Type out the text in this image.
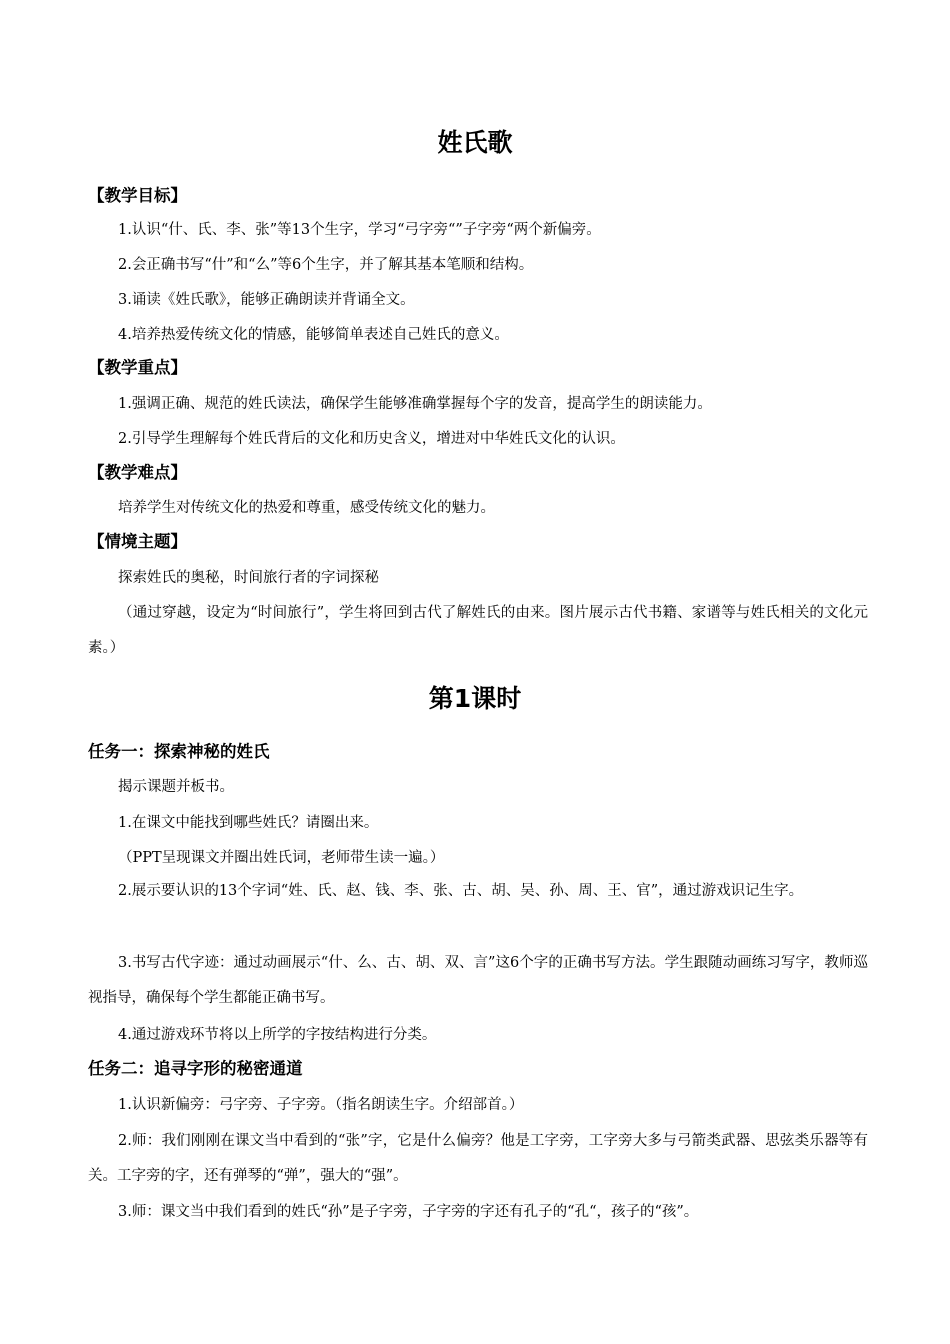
姓氏歌
【教学目标】

1.认识“什、氏、李、张”等13个生字，学习“弓字旁“”子字旁“两个新偏旁。

2.会正确书写“什”和“么”等6个生字，并了解其基本笔顺和结构。

3.诵读《姓氏歌》，能够正确朗读并背诵全文。

4.培养热爱传统文化的情感，能够简单表述自己姓氏的意义。

【教学重点】

1.强调正确、规范的姓氏读法，确保学生能够准确掌握每个字的发音，提高学生的朗读能力。

2.引导学生理解每个姓氏背后的文化和历史含义，增进对中华姓氏文化的认识。

【教学难点】

培养学生对传统文化的热爱和尊重，感受传统文化的魅力。

【情境主题】

探索姓氏的奥秘，时间旅行者的字词探秘

（通过穿越，设定为“时间旅行”，学生将回到古代了解姓氏的由来。图片展示古代书籍、家谱等与姓氏相关的文化元素。）

第1课时
任务一：探索神秘的姓氏

揭示课题并板书。

1.在课文中能找到哪些姓氏？请圈出来。

（PPT呈现课文并圈出姓氏词，老师带生读一遍。）

2.展示要认识的13个字词“姓、氏、赵、钱、李、张、古、胡、吴、孙、周、王、官”，通过游戏识记生字。

3.书写古代字迹：通过动画展示“什、么、古、胡、双、言”这6个字的正确书写方法。学生跟随动画练习写字，教师巡视指导，确保每个学生都能正确书写。

4.通过游戏环节将以上所学的字按结构进行分类。

任务二：追寻字形的秘密通道

1.认识新偏旁：弓字旁、子字旁。（指名朗读生字。介绍部首。）

2.师：我们刚刚在课文当中看到的“张”字，它是什么偏旁？他是工字旁，工字旁大多与弓箭类武器、思弦类乐器等有关。工字旁的字，还有弹琴的“弹”，强大的“强”。

3.师：课文当中我们看到的姓氏“孙”是子字旁，子字旁的字还有孔子的“孔“，孩子的“孩”。
